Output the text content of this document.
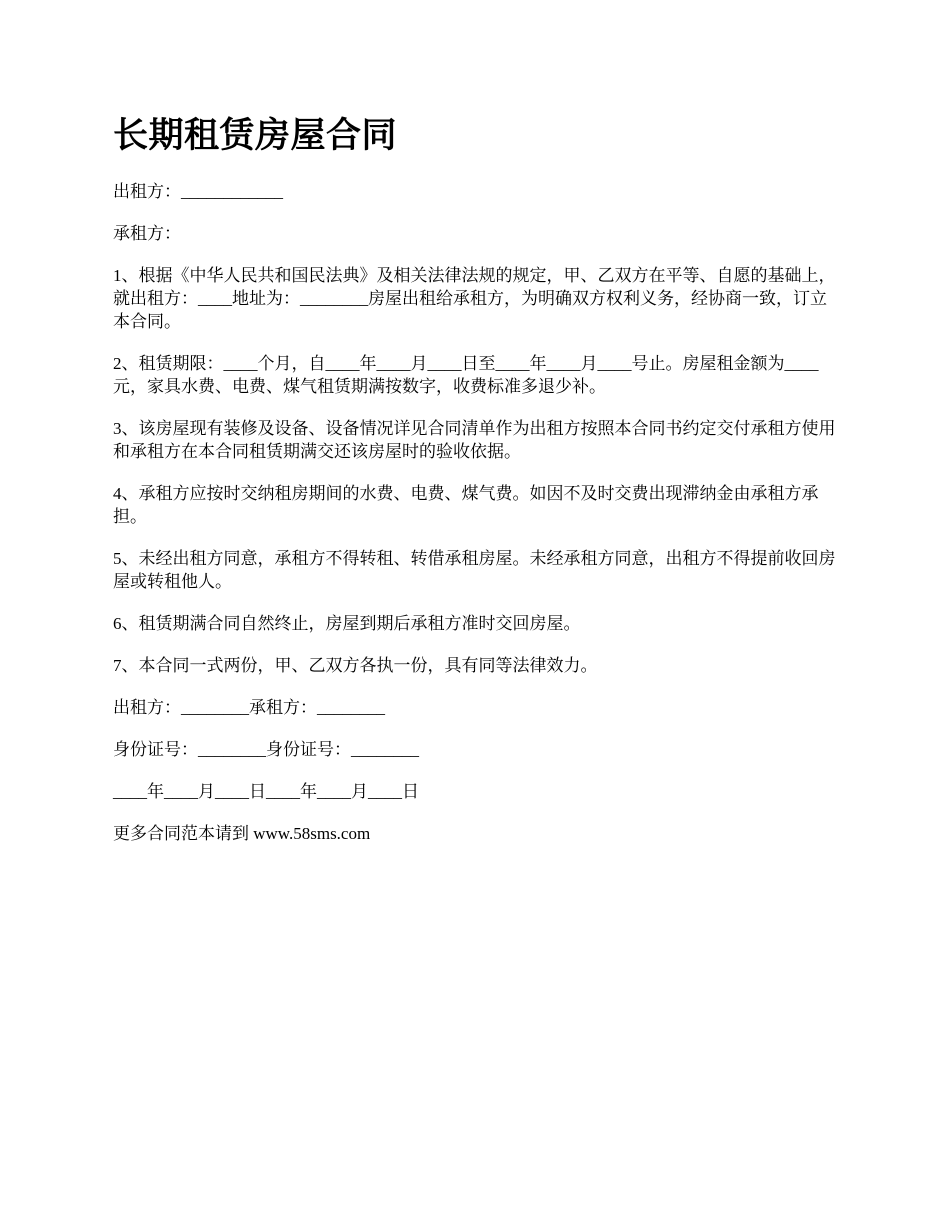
长期租赁房屋合同

出租方：____________

承租方：

1、根据《中华人民共和国民法典》及相关法律法规的规定，甲、乙双方在平等、自愿的基础上，就出租方：____地址为：________房屋出租给承租方，为明确双方权利义务，经协商一致，订立本合同。

2、租赁期限：____个月，自____年____月____日至____年____月____号止。房屋租金额为____元，家具水费、电费、煤气租赁期满按数字，收费标准多退少补。

3、该房屋现有装修及设备、设备情况详见合同清单作为出租方按照本合同书约定交付承租方使用和承租方在本合同租赁期满交还该房屋时的验收依据。

4、承租方应按时交纳租房期间的水费、电费、煤气费。如因不及时交费出现滞纳金由承租方承担。

5、未经出租方同意，承租方不得转租、转借承租房屋。未经承租方同意，出租方不得提前收回房屋或转租他人。

6、租赁期满合同自然终止，房屋到期后承租方准时交回房屋。

7、本合同一式两份，甲、乙双方各执一份，具有同等法律效力。

出租方：________承租方：________

身份证号：________身份证号：________

____年____月____日____年____月____日

更多合同范本请到 www.58sms.com
